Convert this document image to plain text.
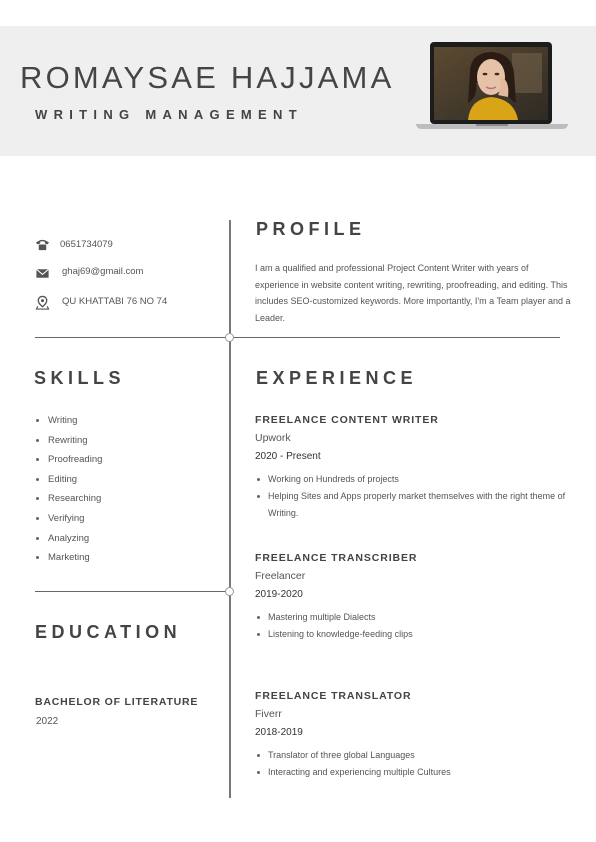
ROMAYSAE HAJJAMA
WRITING MANAGEMENT
0651734079
ghaj69@gmail.com
QU KHATTABI 76 NO 74
PROFILE
I am a qualified and professional Project Content Writer with years of experience in website content writing, rewriting, proofreading, and editing. This includes SEO-customized keywords. More importantly, I'm a Team player and a Leader.
SKILLS
Writing
Rewriting
Proofreading
Editing
Researching
Verifying
Analyzing
Marketing
EDUCATION
BACHELOR OF LITERATURE
2022
EXPERIENCE
FREELANCE CONTENT WRITER
Upwork
2020 - Present
Working on Hundreds of projects
Helping Sites and Apps properly market themselves with the right theme of Writing.
FREELANCE TRANSCRIBER
Freelancer
2019-2020
Mastering multiple Dialects
Listening to knowledge-feeding clips
FREELANCE TRANSLATOR
Fiverr
2018-2019
Translator of three global Languages
Interacting and experiencing multiple Cultures
